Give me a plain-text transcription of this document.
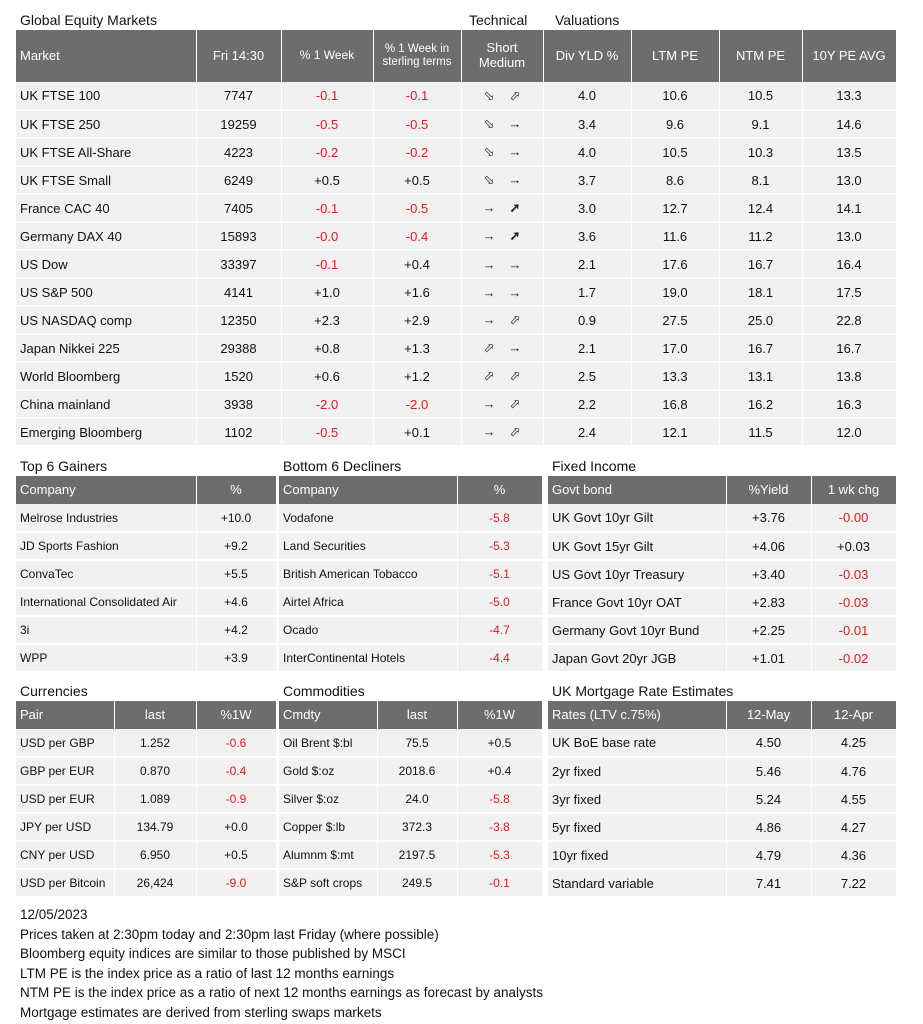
Global Equity Markets	Technical Valuations
Market	Fri 14:30	% 1 Week	% 1 Week in sterling terms	Short Medium	Div YLD %	LTM PE	NTM PE	10Y PE AVG
UK FTSE 100	7747	-0.1	-0.1	⬂ ⬀	4.0	10.6	10.5	13.3
UK FTSE 250	19259	-0.5	-0.5	⬂ →	3.4	9.6	9.1	14.6
UK FTSE All-Share	4223	-0.2	-0.2	⬂ →	4.0	10.5	10.3	13.5
UK FTSE Small	6249	+0.5	+0.5	⬂ →	3.7	8.6	8.1	13.0
France CAC 40	7405	-0.1	-0.5	→ ➚	3.0	12.7	12.4	14.1
Germany DAX 40	15893	-0.0	-0.4	→ ➚	3.6	11.6	11.2	13.0
US Dow	33397	-0.1	+0.4	→ →	2.1	17.6	16.7	16.4
US S&P 500	4141	+1.0	+1.6	→ →	1.7	19.0	18.1	17.5
US NASDAQ comp	12350	+2.3	+2.9	→ ⬀	0.9	27.5	25.0	22.8
Japan Nikkei 225	29388	+0.8	+1.3	⬀ →	2.1	17.0	16.7	16.7
World Bloomberg	1520	+0.6	+1.2	⬀ ⬀	2.5	13.3	13.1	13.8
China mainland	3938	-2.0	-2.0	→ ⬀	2.2	16.8	16.2	16.3
Emerging Bloomberg	1102	-0.5	+0.1	→ ⬀	2.4	12.1	11.5	12.0
Top 6 Gainers	Bottom 6 Decliners	Fixed Income
Company	%
Melrose Industries	+10.0
JD Sports Fashion	+9.2
ConvaTec	+5.5
International Consolidated Air	+4.6
3i	+4.2
WPP	+3.9
Company	%
Vodafone	-5.8
Land Securities	-5.3
British American Tobacco	-5.1
Airtel Africa	-5.0
Ocado	-4.7
InterContinental Hotels	-4.4
Govt bond	%Yield	1 wk chg
UK Govt 10yr Gilt	+3.76	-0.00
UK Govt 15yr Gilt	+4.06	+0.03
US Govt 10yr Treasury	+3.40	-0.03
France Govt 10yr OAT	+2.83	-0.03
Germany Govt 10yr Bund	+2.25	-0.01
Japan Govt 20yr JGB	+1.01	-0.02
Currencies	Commodities	UK Mortgage Rate Estimates
Pair	last	%1W
USD per GBP	1.252	-0.6
GBP per EUR	0.870	-0.4
USD per EUR	1.089	-0.9
JPY per USD	134.79	+0.0
CNY per USD	6.950	+0.5
USD per Bitcoin	26,424	-9.0
Cmdty	last	%1W
Oil Brent $:bl	75.5	+0.5
Gold $:oz	2018.6	+0.4
Silver $:oz	24.0	-5.8
Copper $:lb	372.3	-3.8
Alumnm $:mt	2197.5	-5.3
S&P soft crops	249.5	-0.1
Rates (LTV c.75%)	12-May	12-Apr
UK BoE base rate	4.50	4.25
2yr fixed	5.46	4.76
3yr fixed	5.24	4.55
5yr fixed	4.86	4.27
10yr fixed	4.79	4.36
Standard variable	7.41	7.22
12/05/2023
Prices taken at 2:30pm today and 2:30pm last Friday (where possible)
Bloomberg equity indices are similar to those published by MSCI
LTM PE is the index price as a ratio of last 12 months earnings
NTM PE is the index price as a ratio of next 12 months earnings as forecast by analysts
Mortgage estimates are derived from sterling swaps markets
